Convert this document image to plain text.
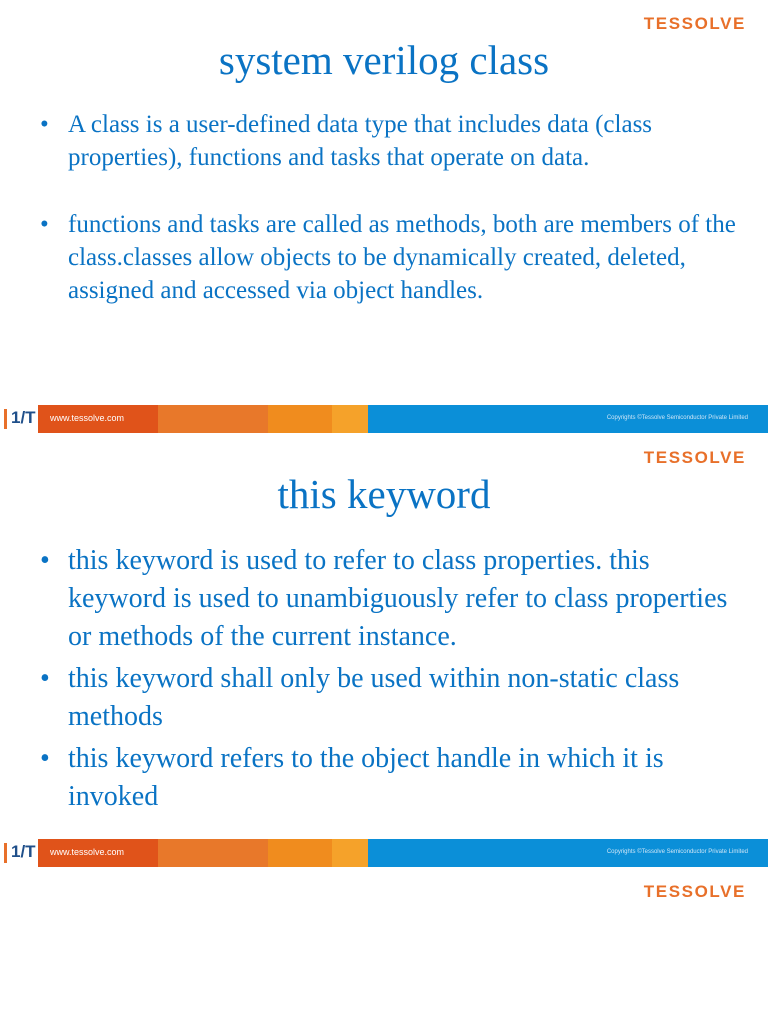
TESSOLVE
system verilog class
• A class is a user-defined data type that includes data (class properties), functions and tasks that operate on data.
• functions and tasks are called as methods, both are members of the class.classes allow objects to be dynamically created, deleted, assigned and accessed via object handles.
1/T www.tessolve.com	Copyrights ©Tessolve Semiconductor Private Limited
TESSOLVE
this keyword
• this keyword is used to refer to class properties. this keyword is used to unambiguously refer to class properties or methods of the current instance.
• this keyword shall only be used within non-static class methods
• this keyword refers to the object handle in which it is invoked
1/T www.tessolve.com	Copyrights ©Tessolve Semiconductor Private Limited
TESSOLVE
